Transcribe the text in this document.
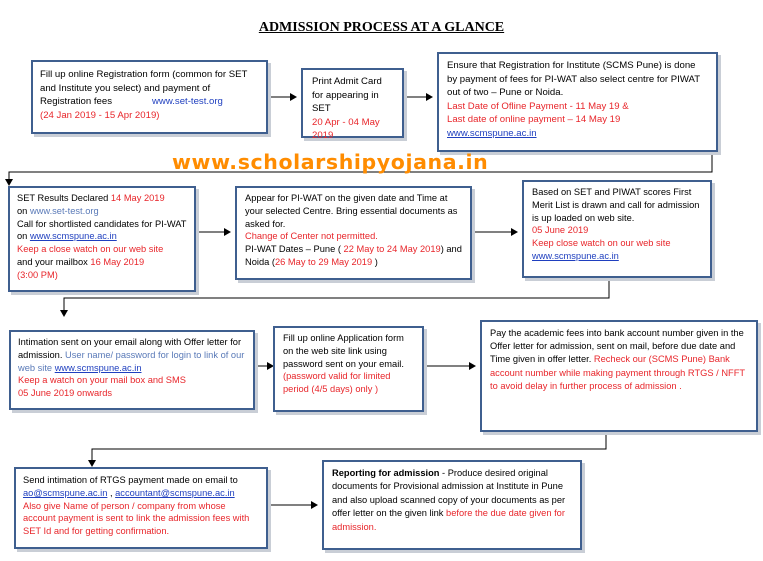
ADMISSION PROCESS AT A GLANCE
Fill up online Registration form (common for SET and Institute you select) and payment of Registration fees	www.set-test.org
(24 Jan 2019 - 15 Apr 2019)
Print Admit Card for appearing in SET
20 Apr - 04 May 2019
Ensure that Registration for Institute (SCMS Pune) is done by payment of fees for PI-WAT also select centre for PIWAT out of two – Pune or Noida.
Last Date of Ofline Payment - 11 May 19 &
Last date of online payment – 14 May 19
www.scmspune.ac.in
www.scholarshipyojana.in
SET Results Declared 14 May 2019
on www.set-test.org
Call for shortlisted candidates for PI-WAT on www.scmspune.ac.in
Keep a close watch on our web site
and your mailbox 16 May 2019
(3:00 PM)
Appear for PI-WAT on the given date and Time at your selected Centre. Bring essential documents as asked for.
Change of Center not permitted.
PI-WAT Dates – Pune ( 22 May to 24 May 2019) and Noida (26 May to 29 May 2019 )
Based on SET and PIWAT scores First Merit List is drawn and call for admission is up loaded on web site.
05 June 2019
Keep close watch on our web site
www.scmspune.ac.in
Intimation sent on your email along with Offer letter for admission. User name/ password for login to link of our web site www.scmspune.ac.in
Keep a watch on your mail box and SMS
05 June 2019 onwards
Fill up online Application form on the web site link using password sent on your email.
(password valid for limited period (4/5 days) only )
Pay the academic fees into bank account number given in the Offer letter for admission, sent on mail, before due date and Time given in offer letter. Recheck our (SCMS Pune) Bank account number while making payment through RTGS / NFFT to avoid delay in further process of admission .
Send intimation of RTGS payment made on email to
ao@scmspune.ac.in , accountant@scmspune.ac.in
Also give Name of person / company from whose account payment is sent to link the admission fees with SET Id and for getting confirmation.
Reporting for admission - Produce desired original documents for Provisional admission at Institute in Pune and also upload scanned copy of your documents as per offer letter on the given link before the due date given for admission.
